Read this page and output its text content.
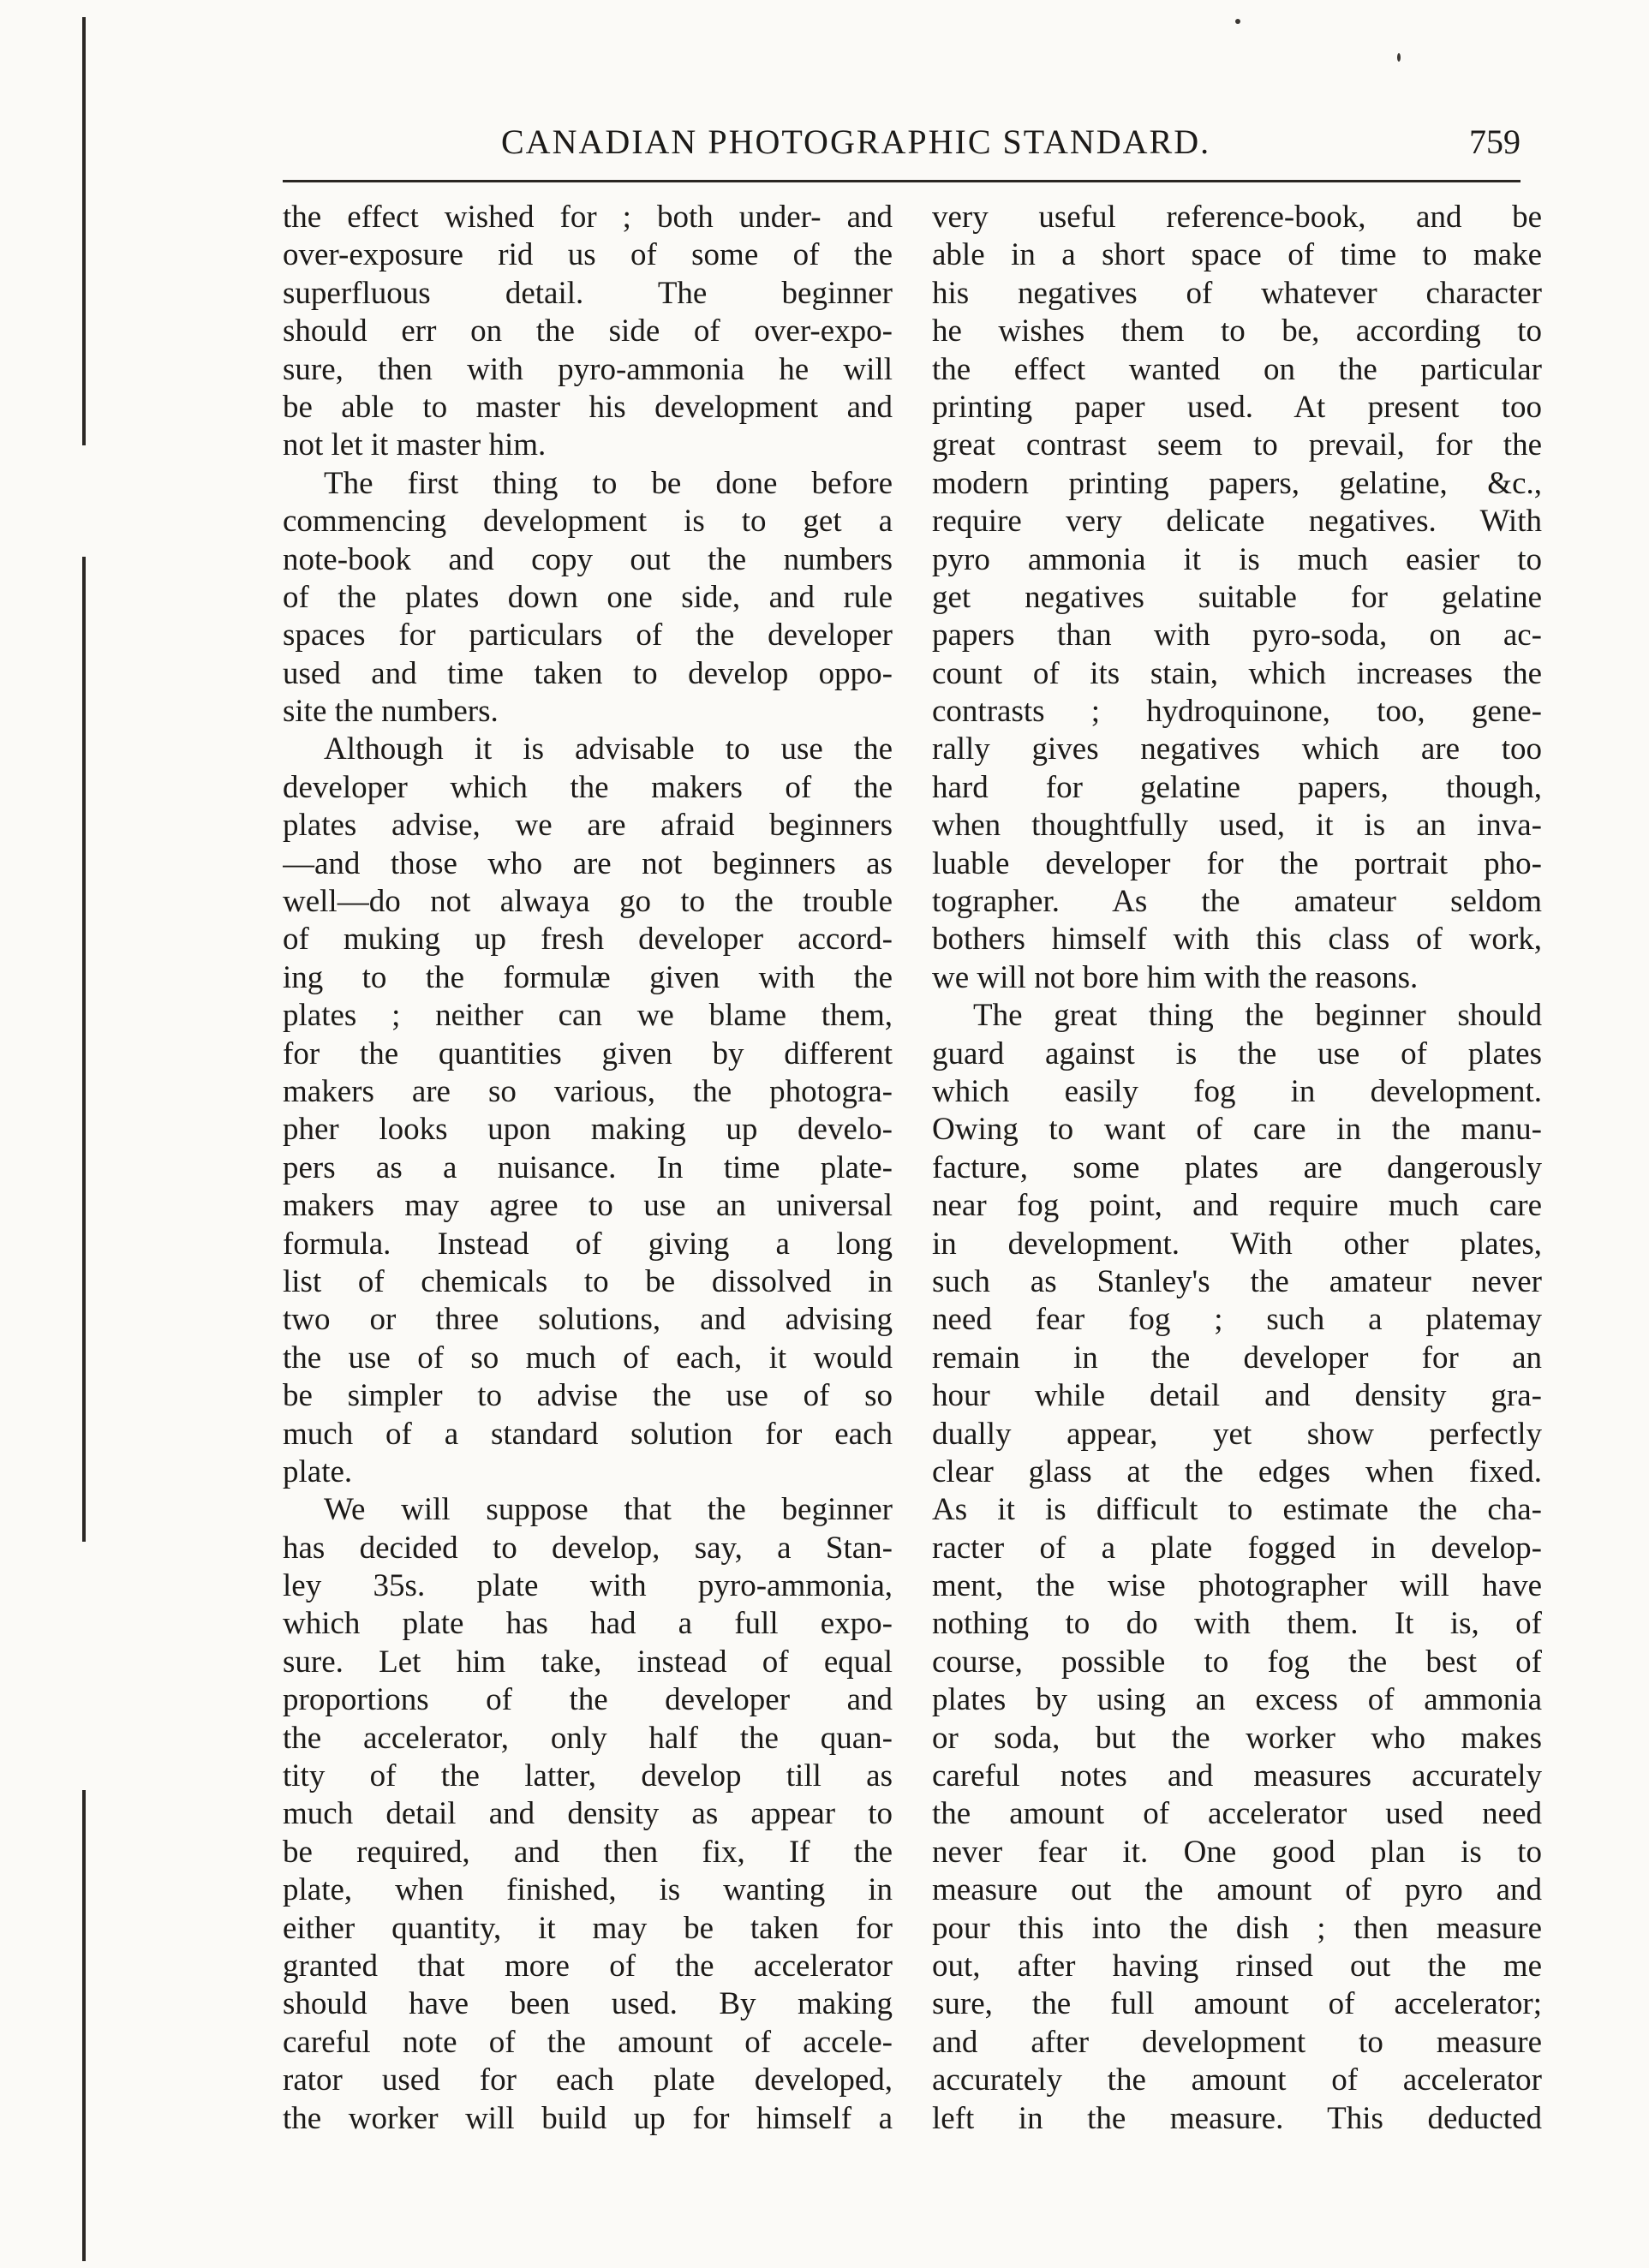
CANADIAN PHOTOGRAPHIC STANDARD.	759
the effect wished for ; both under- and
over-exposure rid us of some of the
superfluous detail. The beginner
should err on the side of over-expo-
sure, then with pyro-ammonia he will
be able to master his development and
not let it master him.
The first thing to be done before
commencing development is to get a
note-book and copy out the numbers
of the plates down one side, and rule
spaces for particulars of the developer
used and time taken to develop oppo-
site the numbers.
Although it is advisable to use the
developer which the makers of the
plates advise, we are afraid beginners
—and those who are not beginners as
well—do not alwaya go to the trouble
of muking up fresh developer accord-
ing to the formulæ given with the
plates ; neither can we blame them,
for the quantities given by different
makers are so various, the photogra-
pher looks upon making up develo-
pers as a nuisance. In time plate-
makers may agree to use an universal
formula. Instead of giving a long
list of chemicals to be dissolved in
two or three solutions, and advising
the use of so much of each, it would
be simpler to advise the use of so
much of a standard solution for each
plate.
We will suppose that the beginner
has decided to develop, say, a Stan-
ley 35s. plate with pyro-ammonia,
which plate has had a full expo-
sure. Let him take, instead of equal
proportions of the developer and
the accelerator, only half the quan-
tity of the latter, develop till as
much detail and density as appear to
be required, and then fix, If the
plate, when finished, is wanting in
either quantity, it may be taken for
granted that more of the accelerator
should have been used. By making
careful note of the amount of accele-
rator used for each plate developed,
the worker will build up for himself a
very useful reference-book, and be
able in a short space of time to make
his negatives of whatever character
he wishes them to be, according to
the effect wanted on the particular
printing paper used. At present too
great contrast seem to prevail, for the
modern printing papers, gelatine, &c.,
require very delicate negatives. With
pyro ammonia it is much easier to
get negatives suitable for gelatine
papers than with pyro-soda, on ac-
count of its stain, which increases the
contrasts ; hydroquinone, too, gene-
rally gives negatives which are too
hard for gelatine papers, though,
when thoughtfully used, it is an inva-
luable developer for the portrait pho-
tographer. As the amateur seldom
bothers himself with this class of work,
we will not bore him with the reasons.
The great thing the beginner should
guard against is the use of plates
which easily fog in development.
Owing to want of care in the manu-
facture, some plates are dangerously
near fog point, and require much care
in development. With other plates,
such as Stanley's the amateur never
need fear fog ; such a platemay
remain in the developer for an
hour while detail and density gra-
dually appear, yet show perfectly
clear glass at the edges when fixed.
As it is difficult to estimate the cha-
racter of a plate fogged in develop-
ment, the wise photographer will have
nothing to do with them. It is, of
course, possible to fog the best of
plates by using an excess of ammonia
or soda, but the worker who makes
careful notes and measures accurately
the amount of accelerator used need
never fear it. One good plan is to
measure out the amount of pyro and
pour this into the dish ; then measure
out, after having rinsed out the me
sure, the full amount of accelerator;
and after development to measure
accurately the amount of accelerator
left in the measure. This deducted
